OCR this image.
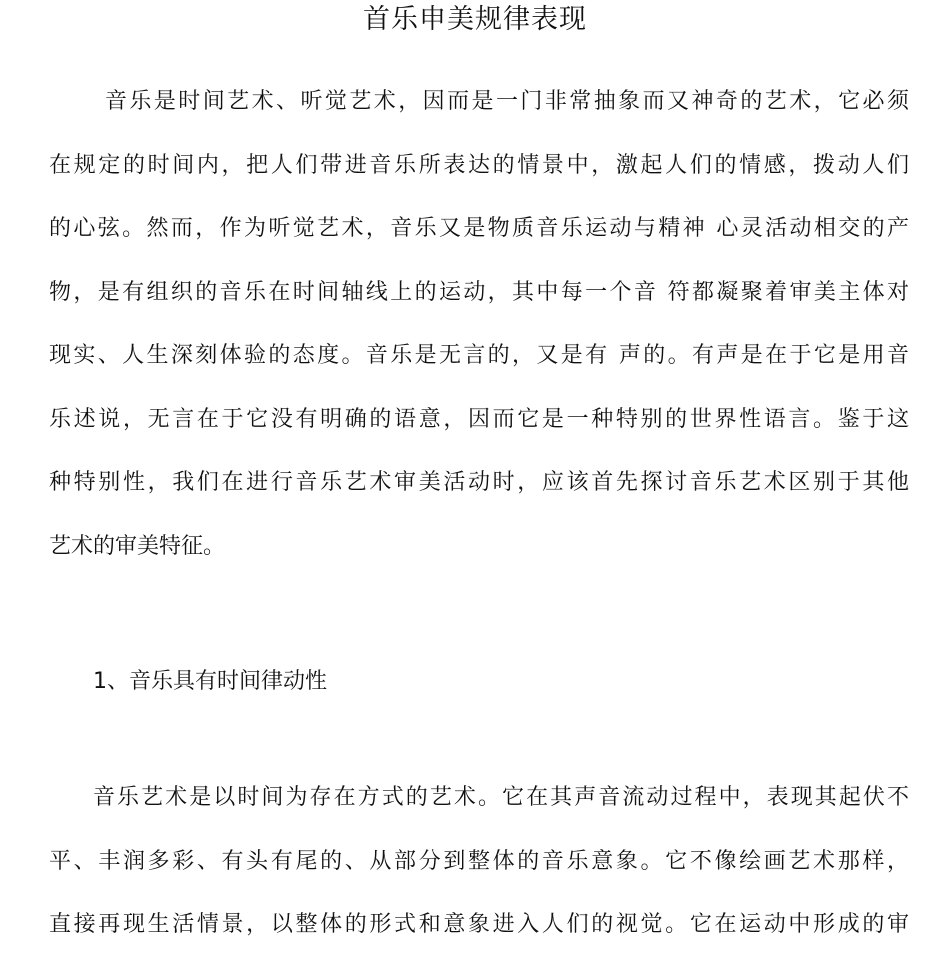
首乐申美规律表现
音乐是时间艺术、听觉艺术，因而是一门非常抽象而又神奇的艺术，它必须
在规定的时间内，把人们带进音乐所表达的情景中，激起人们的情感，拨动人们
的心弦。然而，作为听觉艺术，音乐又是物质音乐运动与精神 心灵活动相交的产
物，是有组织的音乐在时间轴线上的运动，其中每一个音 符都凝聚着审美主体对
现实、人生深刻体验的态度。音乐是无言的，又是有 声的。有声是在于它是用音
乐述说，无言在于它没有明确的语意，因而它是一种特别的世界性语言。鉴于这
种特别性，我们在进行音乐艺术审美活动时，应该首先探讨音乐艺术区别于其他
艺术的审美特征。
1、音乐具有时间律动性
音乐艺术是以时间为存在方式的艺术。它在其声音流动过程中，表现其起伏不
平、丰润多彩、有头有尾的、从部分到整体的音乐意象。它不像绘画艺术那样，
直接再现生活情景，以整体的形式和意象进入人们的视觉。它在运动中形成的审
